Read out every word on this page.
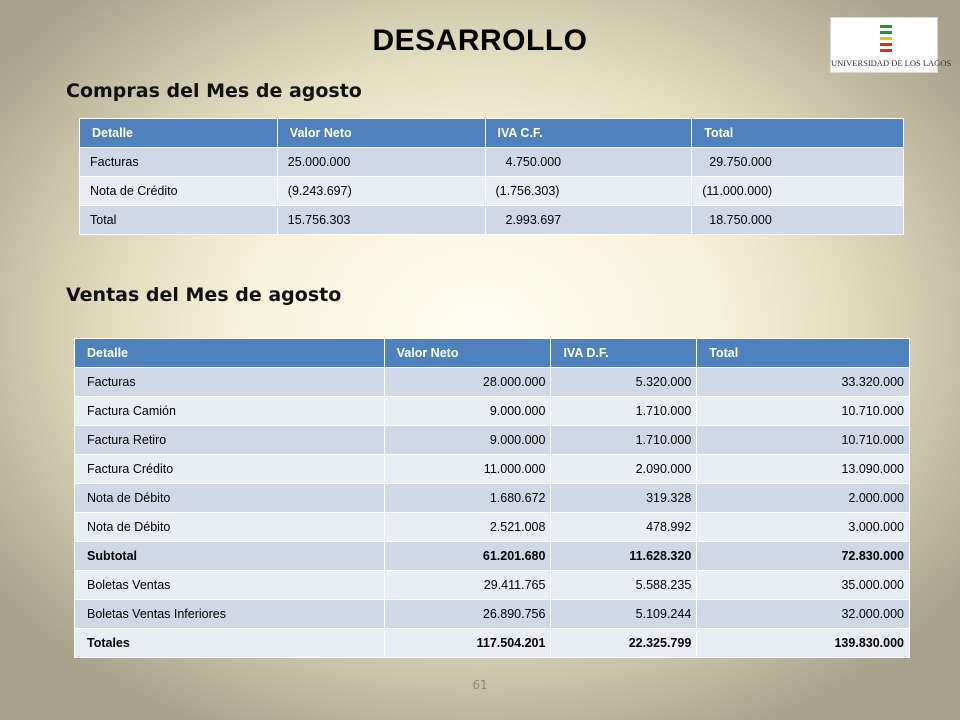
DESARROLLO
UNIVERSIDAD DE LOS LAGOS
Compras del Mes de agosto
Detalle	Valor Neto	IVA C.F.	Total
Facturas	25.000.000	4.750.000	29.750.000
Nota de Crédito	(9.243.697)	(1.756.303)	(11.000.000)
Total	15.756.303	2.993.697	18.750.000
Ventas del Mes de agosto
Detalle	Valor Neto	IVA D.F.	Total
Facturas	28.000.000	5.320.000	33.320.000
Factura Camión	9.000.000	1.710.000	10.710.000
Factura Retiro	9.000.000	1.710.000	10.710.000
Factura Crédito	11.000.000	2.090.000	13.090.000
Nota de Débito	1.680.672	319.328	2.000.000
Nota de Débito	2.521.008	478.992	3.000.000
Subtotal	61.201.680	11.628.320	72.830.000
Boletas Ventas	29.411.765	5.588.235	35.000.000
Boletas Ventas Inferiores	26.890.756	5.109.244	32.000.000
Totales	117.504.201	22.325.799	139.830.000
61
